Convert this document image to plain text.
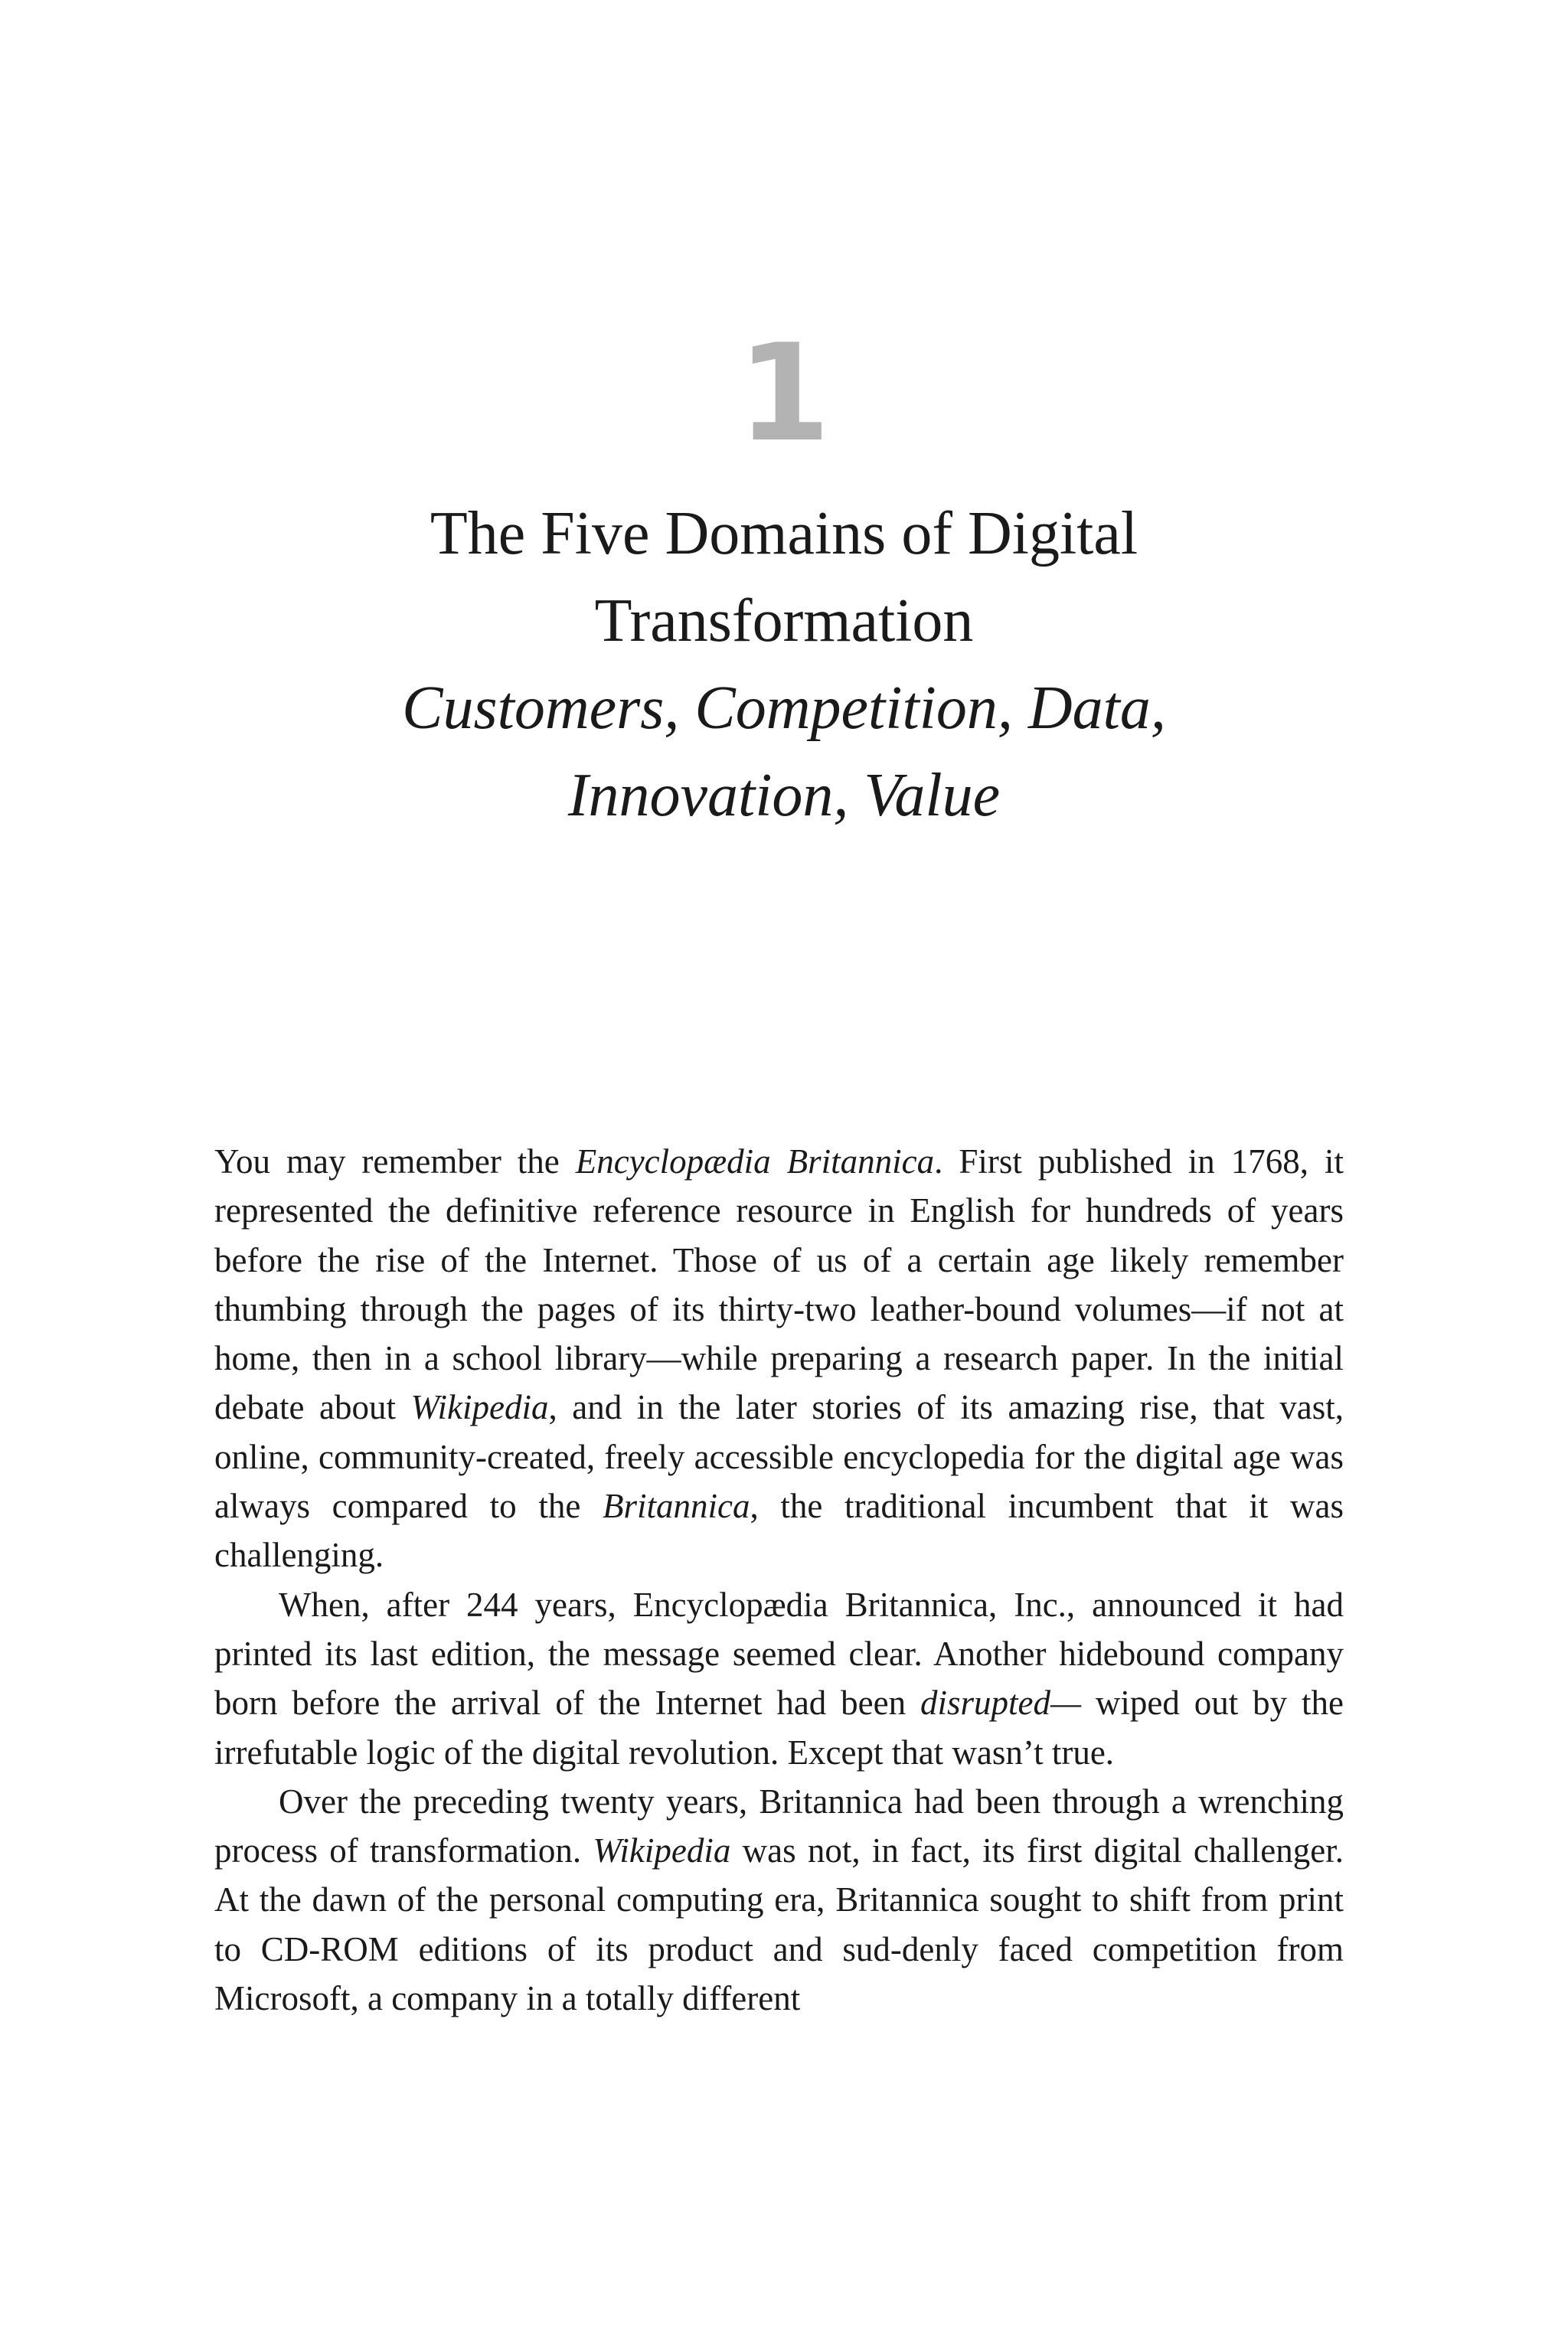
1
The Five Domains of Digital
Transformation
Customers, Competition, Data,
Innovation, Value

You may remember the Encyclopædia Britannica. First published in 1768, it represented the definitive reference resource in English for hundreds of years before the rise of the Internet. Those of us of a certain age likely remember thumbing through the pages of its thirty-two leather-bound volumes—if not at home, then in a school library—while preparing a research paper. In the initial debate about Wikipedia, and in the later stories of its amazing rise, that vast, online, community-created, freely accessible encyclopedia for the digital age was always compared to the Britannica, the traditional incumbent that it was challenging.

When, after 244 years, Encyclopædia Britannica, Inc., announced it had printed its last edition, the message seemed clear. Another hidebound company born before the arrival of the Internet had been disrupted— wiped out by the irrefutable logic of the digital revolution. Except that wasn’t true.

Over the preceding twenty years, Britannica had been through a wrenching process of transformation. Wikipedia was not, in fact, its first digital challenger. At the dawn of the personal computing era, Britannica sought to shift from print to CD-ROM editions of its product and sud-denly faced competition from Microsoft, a company in a totally different
